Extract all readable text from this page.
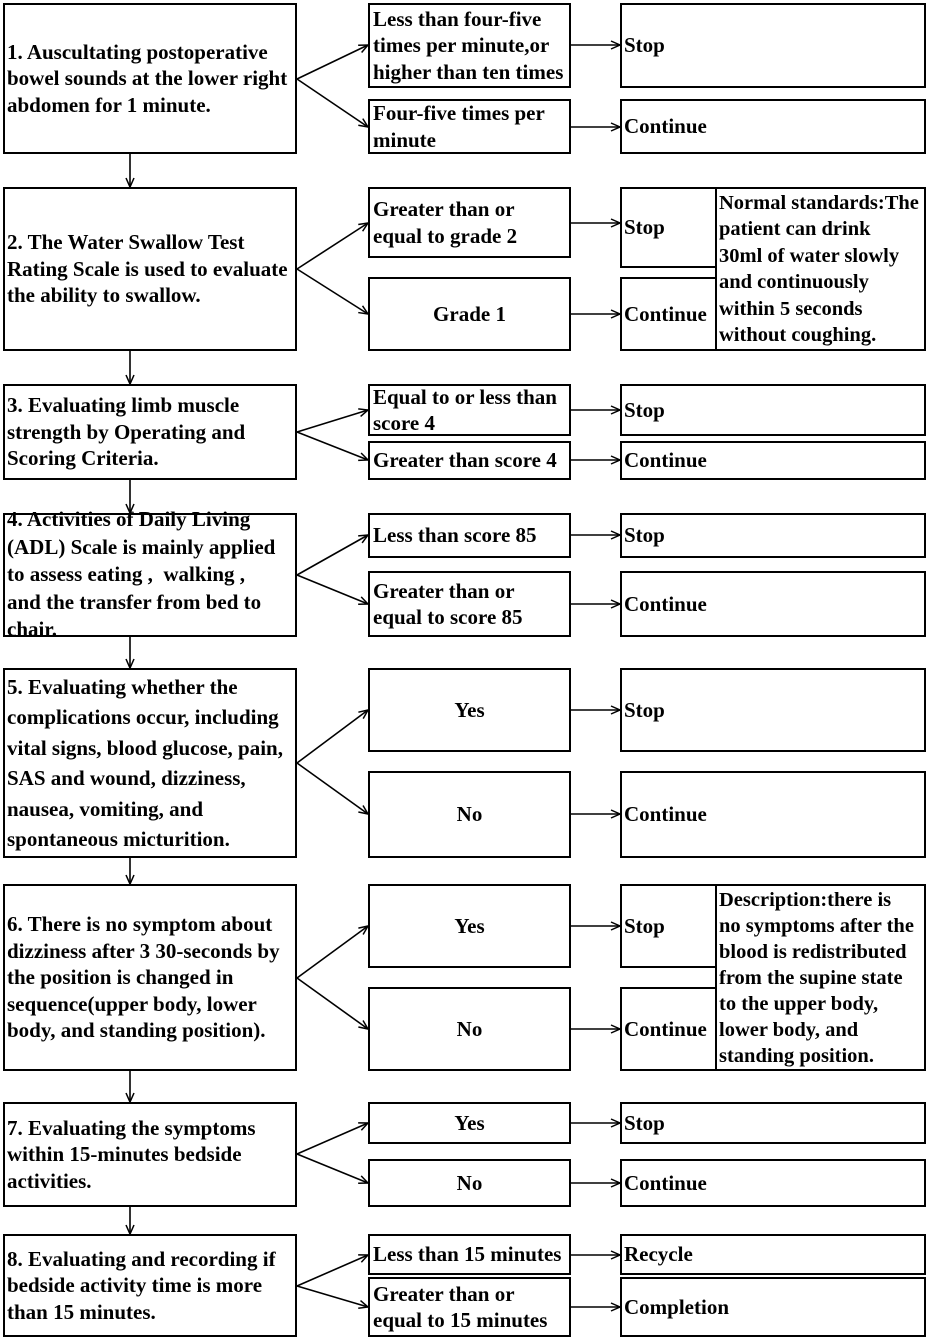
1. Auscultating postoperative
bowel sounds at the lower right
abdomen for 1 minute.
Less than four-five
times per minute,or
higher than ten times
Four-five times per
minute
Stop
Continue
2. The Water Swallow Test
Rating Scale is used to evaluate
the ability to swallow.
Greater than or
equal to grade 2
Grade 1
Stop
Continue
Normal standards:The
patient can drink
30ml of water slowly
and continuously
within 5 seconds
without coughing.
3. Evaluating limb muscle
strength by Operating and
Scoring Criteria.
Equal to or less than
score 4
Greater than score 4
Stop
Continue
4. Activities of Daily Living
(ADL) Scale is mainly applied
to assess eating ,  walking ,
and the transfer from bed to
chair.
Less than score 85
Greater than or
equal to score 85
Stop
Continue
5. Evaluating whether the
complications occur, including
vital signs, blood glucose, pain,
SAS and wound, dizziness,
nausea, vomiting, and
spontaneous micturition.
Yes
No
Stop
Continue
6. There is no symptom about
dizziness after 3 30-seconds by
the position is changed in
sequence(upper body, lower
body, and standing position).
Yes
No
Stop
Continue
Description:there is
no symptoms after the
blood is redistributed
from the supine state
to the upper body,
lower body, and
standing position.
7. Evaluating the symptoms
within 15-minutes bedside
activities.
Yes
No
Stop
Continue
8. Evaluating and recording if
bedside activity time is more
than 15 minutes.
Less than 15 minutes
Greater than or
equal to 15 minutes
Recycle
Completion
